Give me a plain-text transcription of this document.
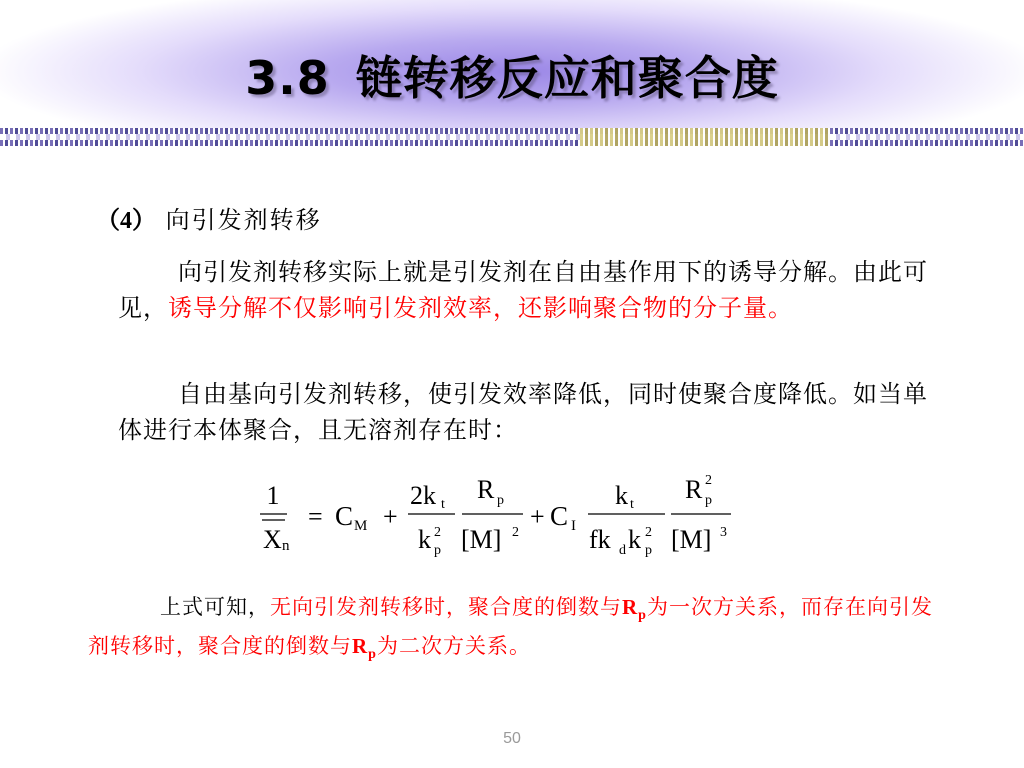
3.8 链转移反应和聚合度
（4） 向引发剂转移

向引发剂转移实际上就是引发剂在自由基作用下的诱导分解。由此可见，诱导分解不仅影响引发剂效率，还影响聚合物的分子量。

自由基向引发剂转移，使引发效率降低，同时使聚合度降低。如当单体进行本体聚合，且无溶剂存在时：

1
X n
= C M +
2k t
k 2
p
R p
[M] 2
+ C I
k t
fk d k 2
p
R 2
p
[M] 3

上式可知，无向引发剂转移时，聚合度的倒数与$R_p$为一次方关系，而存在向引发剂转移时，聚合度的倒数与$R_p$为二次方关系。

50
